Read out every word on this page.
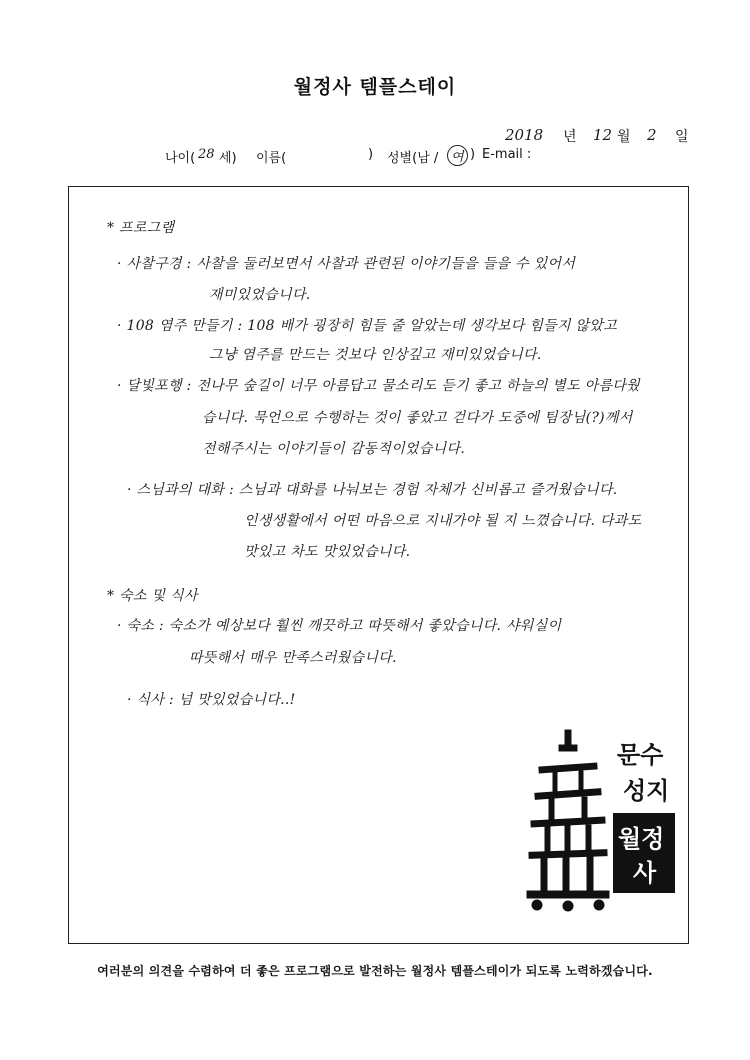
월정사 템플스테이
2018 년 12 월 2 일
나이( 28 세) 이름(	) 성별(남 / 여 ) E-mail :
* 프로그램
· 사찰구경 : 사찰을 둘러보면서 사찰과 관련된 이야기들을 들을 수 있어서
재미있었습니다.
· 108 염주 만들기 : 108 배가 굉장히 힘들 줄 알았는데 생각보다 힘들지 않았고
그냥 염주를 만드는 것보다 인상깊고 재미있었습니다.
· 달빛포행 : 전나무 숲길이 너무 아름답고 물소리도 듣기 좋고 하늘의 별도 아름다웠
습니다. 묵언으로 수행하는 것이 좋았고 걷다가 도중에 팀장님(?)께서
전해주시는 이야기들이 감동적이었습니다.
· 스님과의 대화 : 스님과 대화를 나눠보는 경험 자체가 신비롭고 즐거웠습니다.
인생생활에서 어떤 마음으로 지내가야 될 지 느꼈습니다. 다과도
맛있고 차도 맛있었습니다.
* 숙소 및 식사
· 숙소 : 숙소가 예상보다 훨씬 깨끗하고 따뜻해서 좋았습니다. 샤워실이
따뜻해서 매우 만족스러웠습니다.
· 식사 : 넘 맛있었습니다..!
문수
성지
월정
사
여러분의 의견을 수렴하여 더 좋은 프로그램으로 발전하는 월정사 템플스테이가 되도록 노력하겠습니다.
